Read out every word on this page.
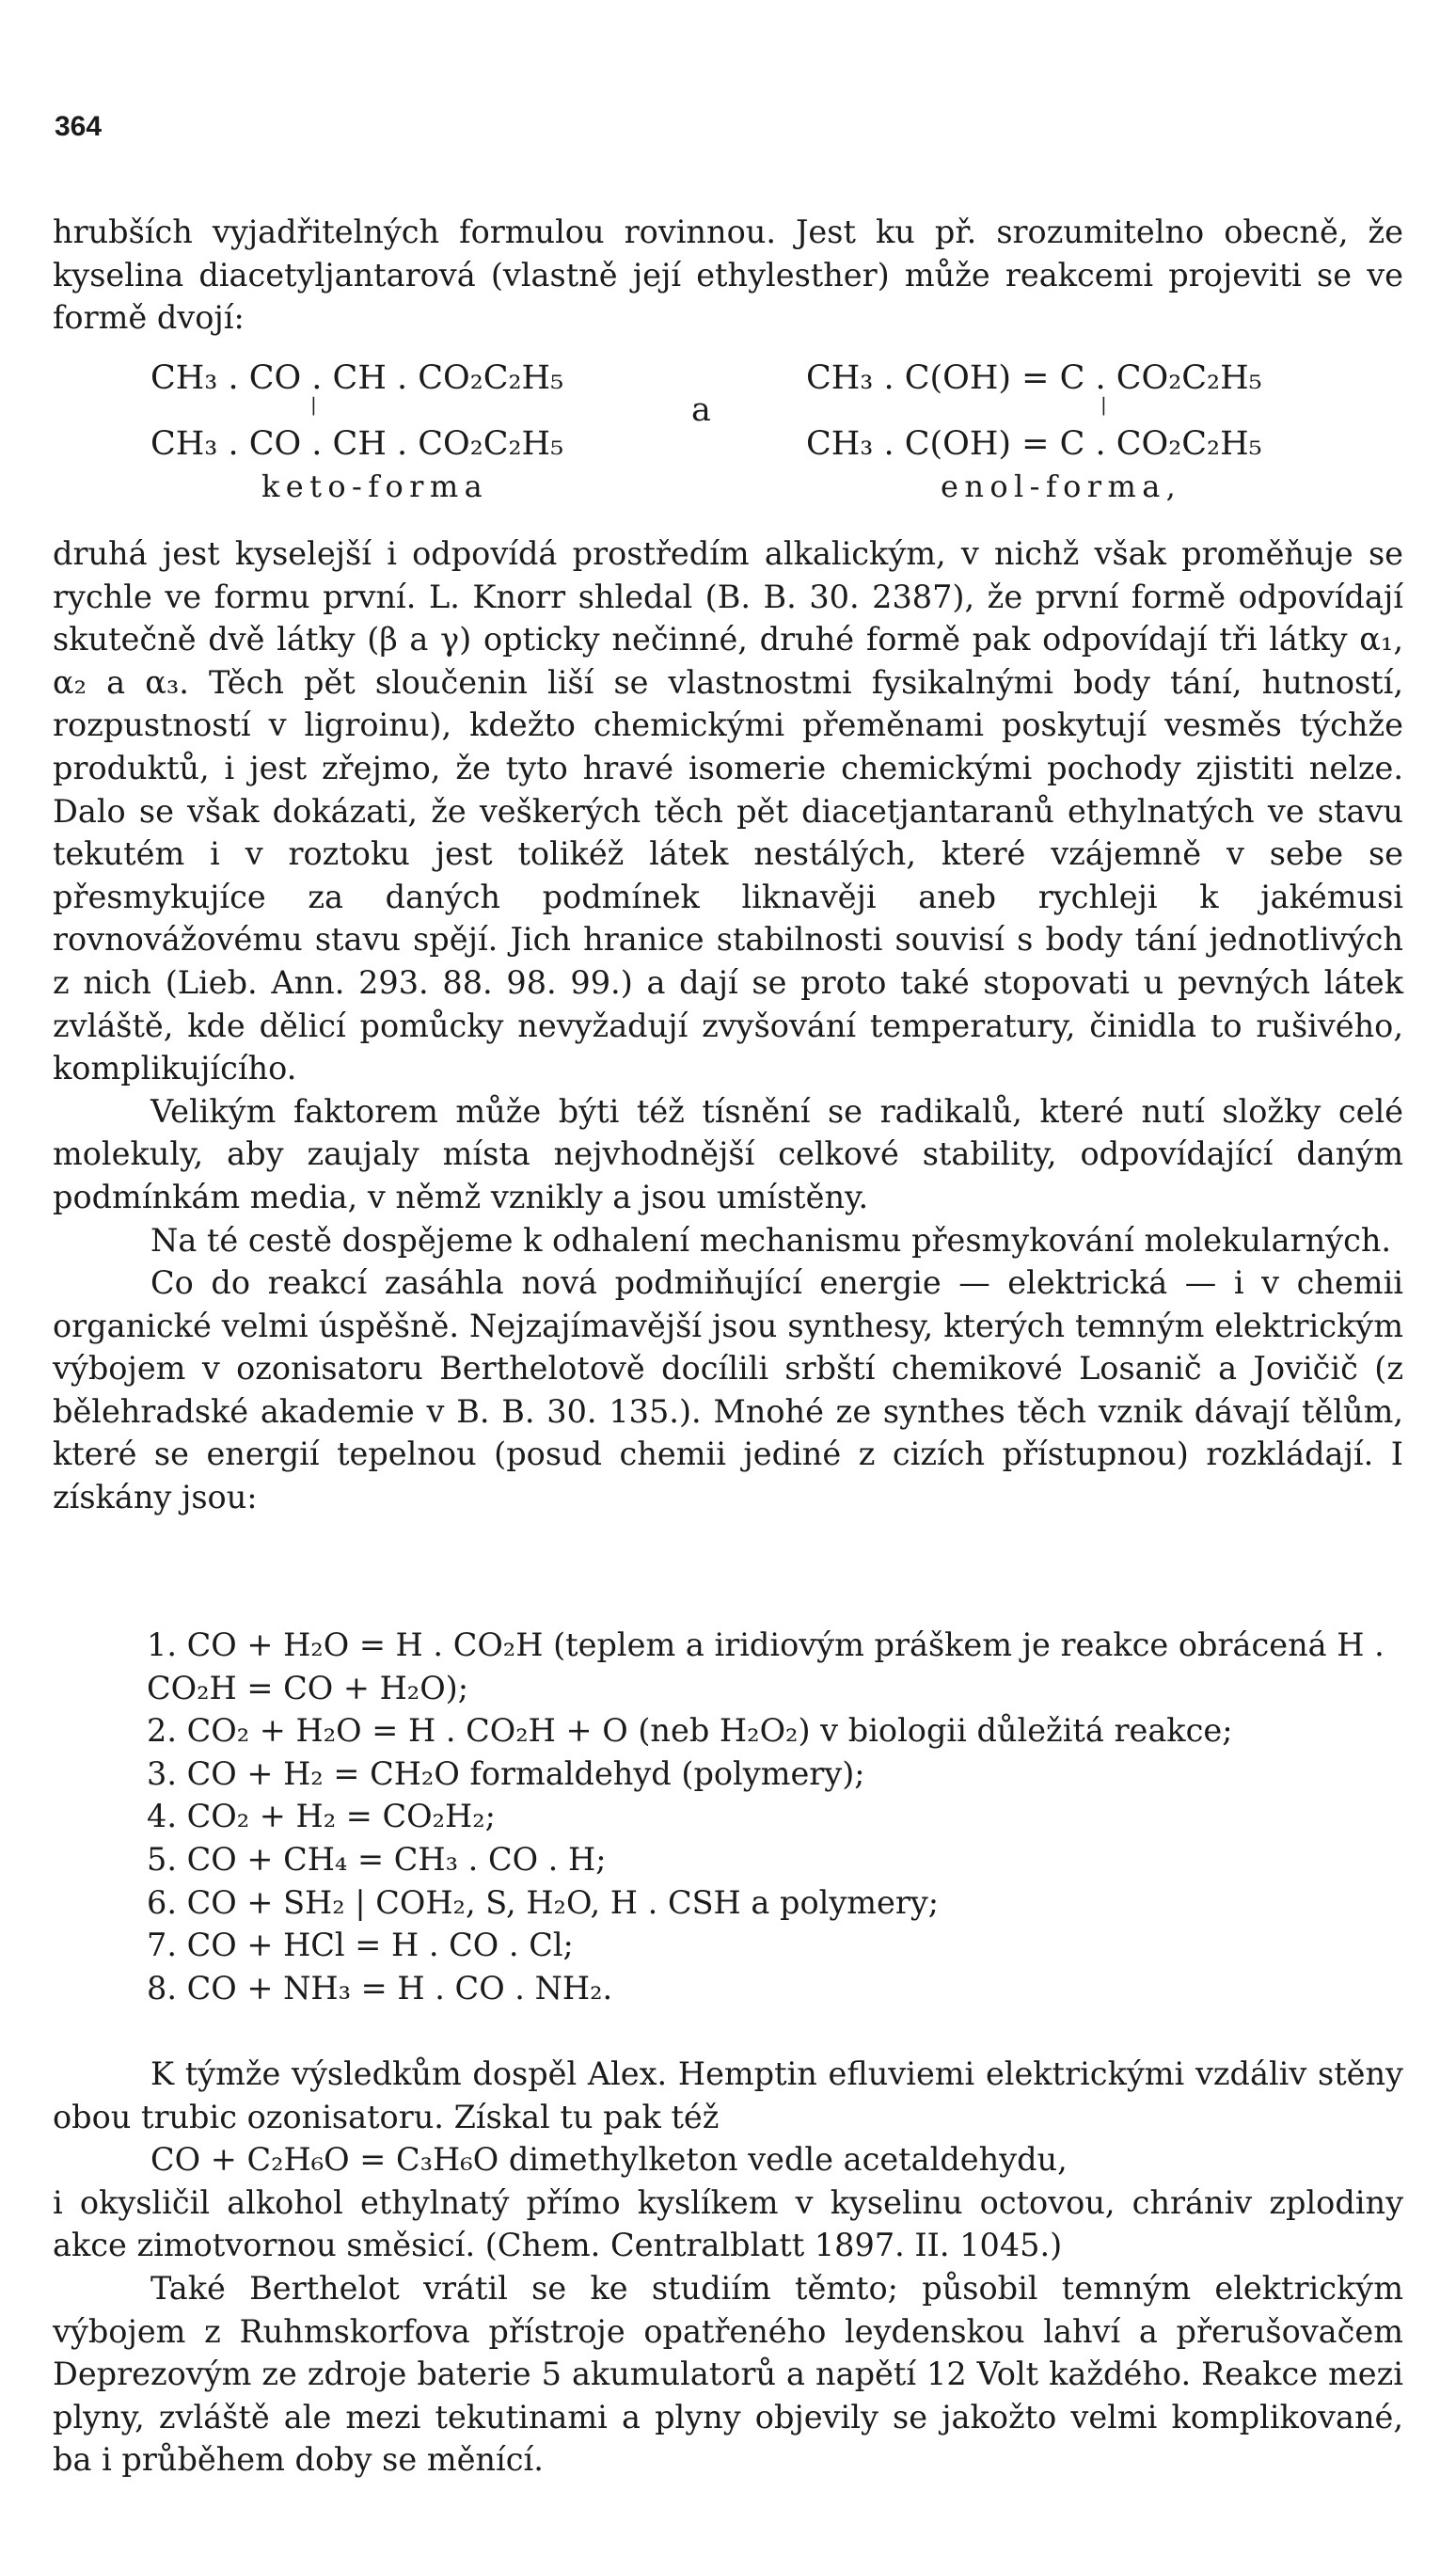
364

hrubších vyjadřitelných formulou rovinnou. Jest ku př. srozumitelno obecně, že kyselina diacetyljantarová (vlastně její ethylesther) může reakcemi projeviti se ve formě dvojí:

CH₃ . CO . CH . CO₂C₂H₅
|
CH₃ . CO . CH . CO₂C₂H₅
keto-forma
a
CH₃ . C(OH) = C . CO₂C₂H₅
|
CH₃ . C(OH) = C . CO₂C₂H₅
enol-forma,

druhá jest kyselejší i odpovídá prostředím alkalickým, v nichž však proměňuje se rychle ve formu první. L. Knorr shledal (B. B. 30. 2387), že první formě odpovídají skutečně dvě látky (β a γ) opticky nečinné, druhé formě pak odpovídají tři látky α₁, α₂ a α₃. Těch pět sloučenin liší se vlastnostmi fysikalnými body tání, hutností, rozpustností v ligroinu), kdežto chemickými přeměnami poskytují vesměs týchže produktů, i jest zřejmo, že tyto hravé isomerie chemickými pochody zjistiti nelze. Dalo se však dokázati, že veškerých těch pět diacetjantaranů ethylnatých ve stavu tekutém i v roztoku jest tolikéž látek nestálých, které vzájemně v sebe se přesmykujíce za daných podmínek liknavěji aneb rychleji k jakémusi rovnovážovému stavu spějí. Jich hranice stabilnosti souvisí s body tání jednotlivých z nich (Lieb. Ann. 293. 88. 98. 99.) a dají se proto také stopovati u pevných látek zvláště, kde dělicí pomůcky nevyžadují zvyšování temperatury, činidla to rušivého, komplikujícího.

Velikým faktorem může býti též tísnění se radikalů, které nutí složky celé molekuly, aby zaujaly místa nejvhodnější celkové stability, odpovídající daným podmínkám media, v němž vznikly a jsou umístěny.

Na té cestě dospějeme k odhalení mechanismu přesmykování molekularných.

Co do reakcí zasáhla nová podmiňující energie — elektrická — i v chemii organické velmi úspěšně. Nejzajímavější jsou synthesy, kterých temným elektrickým výbojem v ozonisatoru Berthelotově docílili srbští chemikové Losanič a Jovičič (z bělehradské akademie v B. B. 30. 135.). Mnohé ze synthes těch vznik dávají tělům, které se energií tepelnou (posud chemii jediné z cizích přístupnou) rozkládají. I získány jsou:

1. CO + H₂O = H . CO₂H (teplem a iridiovým práškem je reakce obrácená H . CO₂H = CO + H₂O);
2. CO₂ + H₂O = H . CO₂H + O (neb H₂O₂) v biologii důležitá reakce;
3. CO + H₂ = CH₂O formaldehyd (polymery);
4. CO₂ + H₂ = CO₂H₂;
5. CO + CH₄ = CH₃ . CO . H;
6. CO + SH₂ | COH₂, S, H₂O, H . CSH a polymery;
7. CO + HCl = H . CO . Cl;
8. CO + NH₃ = H . CO . NH₂.

K týmže výsledkům dospěl Alex. Hemptin efluviemi elektrickými vzdáliv stěny obou trubic ozonisatoru. Získal tu pak též

CO + C₂H₆O = C₃H₆O dimethylketon vedle acetaldehydu,

i okysličil alkohol ethylnatý přímo kyslíkem v kyselinu octovou, chrániv zplodiny akce zimotvornou směsicí. (Chem. Centralblatt 1897. II. 1045.)

Také Berthelot vrátil se ke studiím těmto; působil temným elektrickým výbojem z Ruhmskorfova přístroje opatřeného leydenskou lahví a přerušovačem Deprezovým ze zdroje baterie 5 akumulatorů a napětí 12 Volt každého. Reakce mezi plyny, zvláště ale mezi tekutinami a plyny objevily se jakožto velmi komplikované, ba i průběhem doby se měnící.
